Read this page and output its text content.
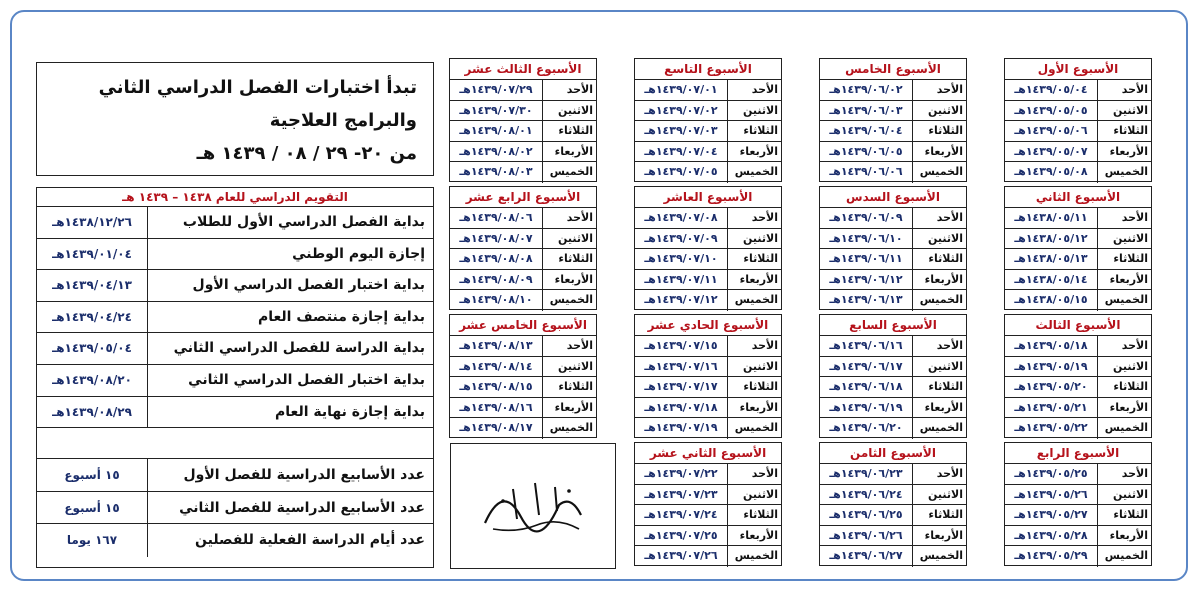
تبدأ اختبارات الفصل الدراسي الثاني
والبرامج العلاجية
من ٢٠- ٢٩ / ٠٨ / ١٤٣٩ هـ
التقويم الدراسي للعام ١٤٣٨ – ١٤٣٩ هـ
بداية الفصل الدراسي الأول للطلاب
١٤٣٨/١٢/٢٦هـ
إجازة اليوم الوطني
١٤٣٩/٠١/٠٤هـ
بداية اختبار الفصل الدراسي الأول
١٤٣٩/٠٤/١٣هـ
بداية إجازة منتصف العام
١٤٣٩/٠٤/٢٤هـ
بداية الدراسة للفصل الدراسي الثاني
١٤٣٩/٠٥/٠٤هـ
بداية اختبار الفصل الدراسي الثاني
١٤٣٩/٠٨/٢٠هـ
بداية إجازة نهاية العام
١٤٣٩/٠٨/٢٩هـ
عدد الأسابيع الدراسية للفصل الأول
١٥ أسبوع
عدد الأسابيع الدراسية للفصل الثاني
١٥ أسبوع
عدد أيام الدراسة الفعلية للفصلين
١٦٧ يوما
الأسبوع الأول
الأحد
١٤٣٩/٠٥/٠٤هـ
الاثنين
١٤٣٩/٠٥/٠٥هـ
الثلاثاء
١٤٣٩/٠٥/٠٦هـ
الأربعاء
١٤٣٩/٠٥/٠٧هـ
الخميس
١٤٣٩/٠٥/٠٨هـ
الأسبوع الثاني
الأحد
١٤٣٨/٠٥/١١هـ
الاثنين
١٤٣٨/٠٥/١٢هـ
الثلاثاء
١٤٣٨/٠٥/١٣هـ
الأربعاء
١٤٣٨/٠٥/١٤هـ
الخميس
١٤٣٨/٠٥/١٥هـ
الأسبوع الثالث
الأحد
١٤٣٩/٠٥/١٨هـ
الاثنين
١٤٣٩/٠٥/١٩هـ
الثلاثاء
١٤٣٩/٠٥/٢٠هـ
الأربعاء
١٤٣٩/٠٥/٢١هـ
الخميس
١٤٣٩/٠٥/٢٢هـ
الأسبوع الرابع
الأحد
١٤٣٩/٠٥/٢٥هـ
الاثنين
١٤٣٩/٠٥/٢٦هـ
الثلاثاء
١٤٣٩/٠٥/٢٧هـ
الأربعاء
١٤٣٩/٠٥/٢٨هـ
الخميس
١٤٣٩/٠٥/٢٩هـ
الأسبوع الخامس
الأحد
١٤٣٩/٠٦/٠٢هـ
الاثنين
١٤٣٩/٠٦/٠٣هـ
الثلاثاء
١٤٣٩/٠٦/٠٤هـ
الأربعاء
١٤٣٩/٠٦/٠٥هـ
الخميس
١٤٣٩/٠٦/٠٦هـ
الأسبوع السدس
الأحد
١٤٣٩/٠٦/٠٩هـ
الاثنين
١٤٣٩/٠٦/١٠هـ
الثلاثاء
١٤٣٩/٠٦/١١هـ
الأربعاء
١٤٣٩/٠٦/١٢هـ
الخميس
١٤٣٩/٠٦/١٣هـ
الأسبوع السابع
الأحد
١٤٣٩/٠٦/١٦هـ
الاثنين
١٤٣٩/٠٦/١٧هـ
الثلاثاء
١٤٣٩/٠٦/١٨هـ
الأربعاء
١٤٣٩/٠٦/١٩هـ
الخميس
١٤٣٩/٠٦/٢٠هـ
الأسبوع الثامن
الأحد
١٤٣٩/٠٦/٢٣هـ
الاثنين
١٤٣٩/٠٦/٢٤هـ
الثلاثاء
١٤٣٩/٠٦/٢٥هـ
الأربعاء
١٤٣٩/٠٦/٢٦هـ
الخميس
١٤٣٩/٠٦/٢٧هـ
الأسبوع التاسع
الأحد
١٤٣٩/٠٧/٠١هـ
الاثنين
١٤٣٩/٠٧/٠٢هـ
الثلاثاء
١٤٣٩/٠٧/٠٣هـ
الأربعاء
١٤٣٩/٠٧/٠٤هـ
الخميس
١٤٣٩/٠٧/٠٥هـ
الأسبوع العاشر
الأحد
١٤٣٩/٠٧/٠٨هـ
الاثنين
١٤٣٩/٠٧/٠٩هـ
الثلاثاء
١٤٣٩/٠٧/١٠هـ
الأربعاء
١٤٣٩/٠٧/١١هـ
الخميس
١٤٣٩/٠٧/١٢هـ
الأسبوع الحادي عشر
الأحد
١٤٣٩/٠٧/١٥هـ
الاثنين
١٤٣٩/٠٧/١٦هـ
الثلاثاء
١٤٣٩/٠٧/١٧هـ
الأربعاء
١٤٣٩/٠٧/١٨هـ
الخميس
١٤٣٩/٠٧/١٩هـ
الأسبوع الثاني عشر
الأحد
١٤٣٩/٠٧/٢٢هـ
الاثنين
١٤٣٩/٠٧/٢٣هـ
الثلاثاء
١٤٣٩/٠٧/٢٤هـ
الأربعاء
١٤٣٩/٠٧/٢٥هـ
الخميس
١٤٣٩/٠٧/٢٦هـ
الأسبوع الثالث عشر
الأحد
١٤٣٩/٠٧/٢٩هـ
الاثنين
١٤٣٩/٠٧/٣٠هـ
الثلاثاء
١٤٣٩/٠٨/٠١هـ
الأربعاء
١٤٣٩/٠٨/٠٢هـ
الخميس
١٤٣٩/٠٨/٠٣هـ
الأسبوع الرابع عشر
الأحد
١٤٣٩/٠٨/٠٦هـ
الاثنين
١٤٣٩/٠٨/٠٧هـ
الثلاثاء
١٤٣٩/٠٨/٠٨هـ
الأربعاء
١٤٣٩/٠٨/٠٩هـ
الخميس
١٤٣٩/٠٨/١٠هـ
الأسبوع الخامس عشر
الأحد
١٤٣٩/٠٨/١٣هـ
الاثنين
١٤٣٩/٠٨/١٤هـ
الثلاثاء
١٤٣٩/٠٨/١٥هـ
الأربعاء
١٤٣٩/٠٨/١٦هـ
الخميس
١٤٣٩/٠٨/١٧هـ
